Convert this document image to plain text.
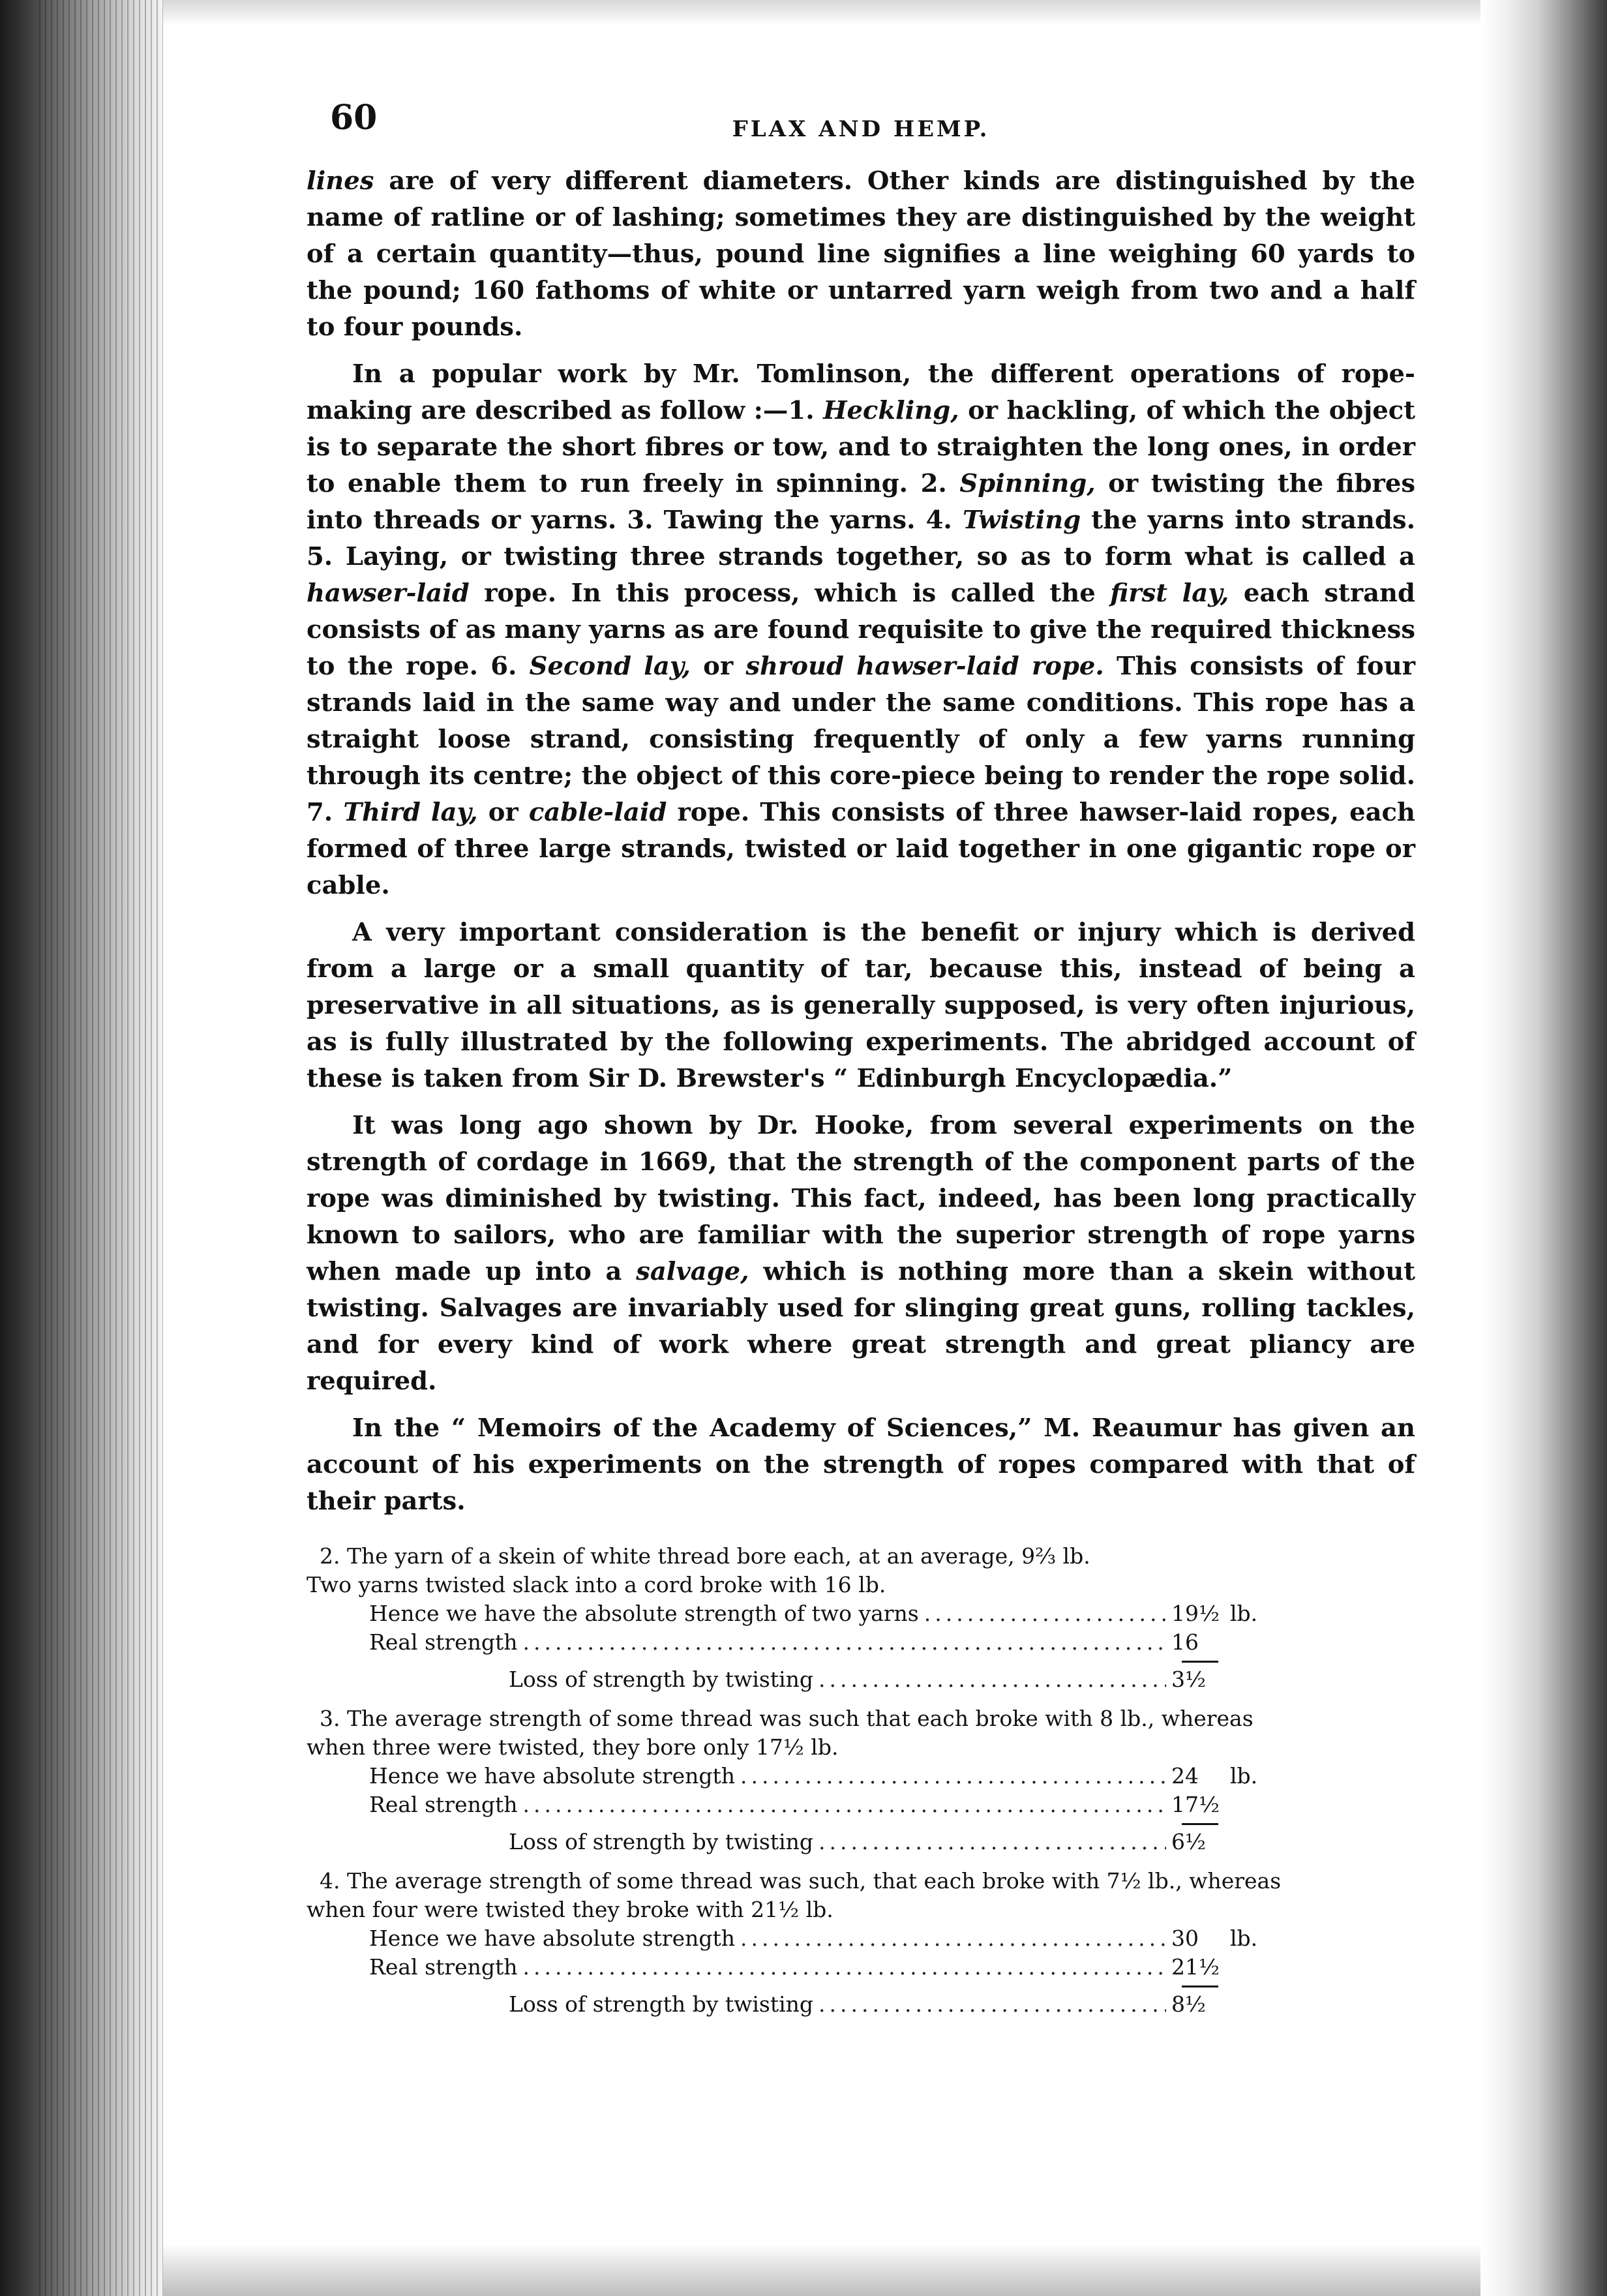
60	FLAX AND HEMP.

lines are of very different diameters. Other kinds are distinguished by the name of ratline or of lashing; sometimes they are distinguished by the weight of a certain quantity—thus, pound line signifies a line weighing 60 yards to the pound; 160 fathoms of white or untarred yarn weigh from two and a half to four pounds.

In a popular work by Mr. Tomlinson, the different operations of rope-making are described as follow :—1. Heckling, or hackling, of which the object is to separate the short fibres or tow, and to straighten the long ones, in order to enable them to run freely in spinning. 2. Spinning, or twisting the fibres into threads or yarns. 3. Tawing the yarns. 4. Twisting the yarns into strands. 5. Laying, or twisting three strands together, so as to form what is called a hawser-laid rope. In this process, which is called the first lay, each strand consists of as many yarns as are found requisite to give the required thickness to the rope. 6. Second lay, or shroud hawser-laid rope. This consists of four strands laid in the same way and under the same conditions. This rope has a straight loose strand, consisting frequently of only a few yarns running through its centre; the object of this core-piece being to render the rope solid. 7. Third lay, or cable-laid rope. This consists of three hawser-laid ropes, each formed of three large strands, twisted or laid together in one gigantic rope or cable.

A very important consideration is the benefit or injury which is derived from a large or a small quantity of tar, because this, instead of being a preservative in all situations, as is generally supposed, is very often injurious, as is fully illustrated by the following experiments. The abridged account of these is taken from Sir D. Brewster's “ Edinburgh Encyclopædia.”

It was long ago shown by Dr. Hooke, from several experiments on the strength of cordage in 1669, that the strength of the component parts of the rope was diminished by twisting. This fact, indeed, has been long practically known to sailors, who are familiar with the superior strength of rope yarns when made up into a salvage, which is nothing more than a skein without twisting. Salvages are invariably used for slinging great guns, rolling tackles, and for every kind of work where great strength and great pliancy are required.

In the “ Memoirs of the Academy of Sciences,” M. Reaumur has given an account of his experiments on the strength of ropes compared with that of their parts.

2. The yarn of a skein of white thread bore each, at an average, 9⅔ lb.
Two yarns twisted slack into a cord broke with 16 lb.
Hence we have the absolute strength of two yarns .....	19½ lb.
Real strength .....	16
Loss of strength by twisting .....	3½
3. The average strength of some thread was such that each broke with 8 lb., whereas
when three were twisted, they bore only 17½ lb.
Hence we have absolute strength .....	24	lb.
Real strength .....	17½
Loss of strength by twisting .....	6½
4. The average strength of some thread was such, that each broke with 7½ lb., whereas
when four were twisted they broke with 21½ lb.
Hence we have absolute strength .....	30	lb.
Real strength .....	21½
Loss of strength by twisting .....	8½
